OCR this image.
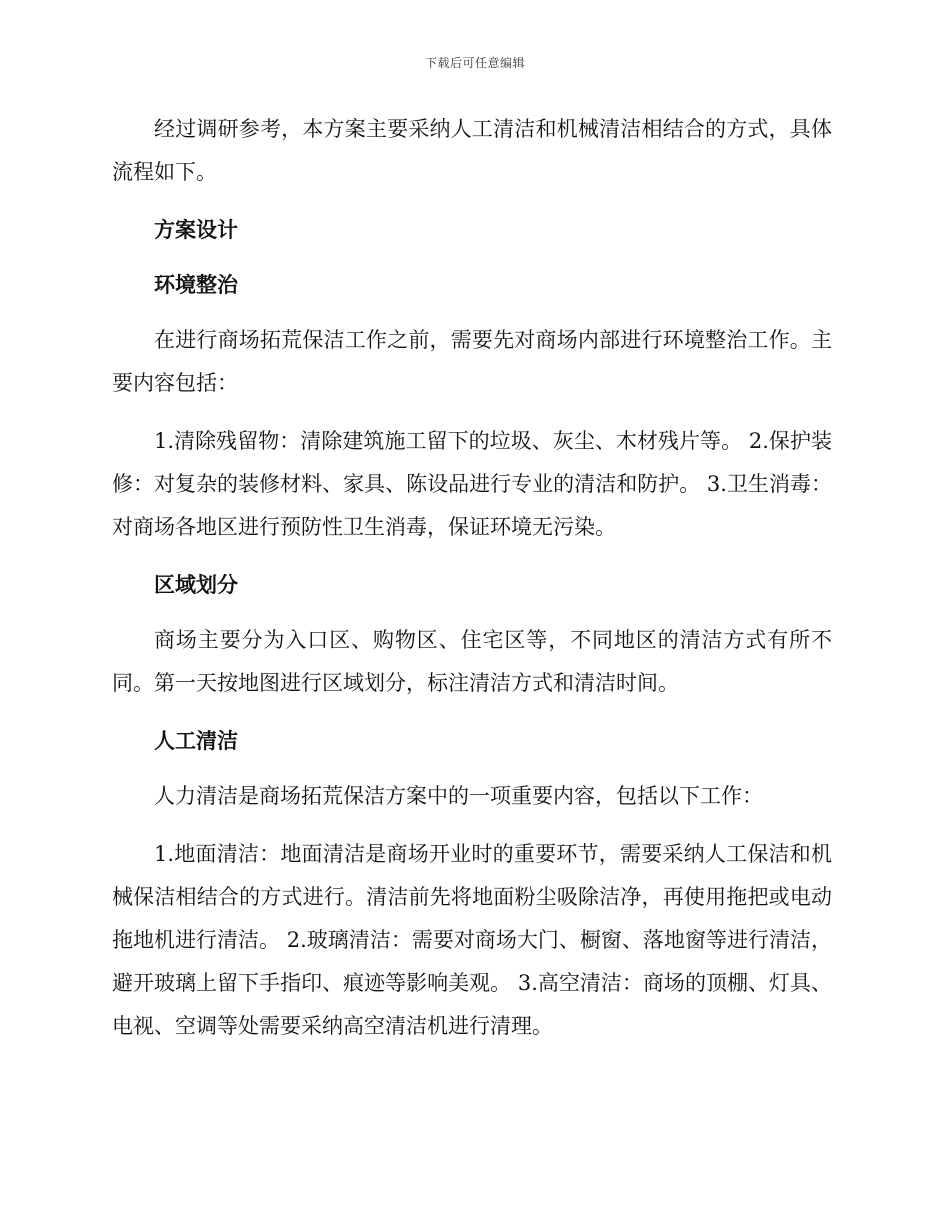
下载后可任意编辑

经过调研参考，本方案主要采纳人工清洁和机械清洁相结合的方式，具体流程如下。

方案设计
环境整治

在进行商场拓荒保洁工作之前，需要先对商场内部进行环境整治工作。主要内容包括：

1.清除残留物：清除建筑施工留下的垃圾、灰尘、木材残片等。 2.保护装修：对复杂的装修材料、家具、陈设品进行专业的清洁和防护。 3.卫生消毒：对商场各地区进行预防性卫生消毒，保证环境无污染。

区域划分

商场主要分为入口区、购物区、住宅区等，不同地区的清洁方式有所不同。第一天按地图进行区域划分，标注清洁方式和清洁时间。

人工清洁

人力清洁是商场拓荒保洁方案中的一项重要内容，包括以下工作：

1.地面清洁：地面清洁是商场开业时的重要环节，需要采纳人工保洁和机械保洁相结合的方式进行。清洁前先将地面粉尘吸除洁净，再使用拖把或电动拖地机进行清洁。 2.玻璃清洁：需要对商场大门、橱窗、落地窗等进行清洁，避开玻璃上留下手指印、痕迹等影响美观。 3.高空清洁：商场的顶棚、灯具、电视、空调等处需要采纳高空清洁机进行清理。
